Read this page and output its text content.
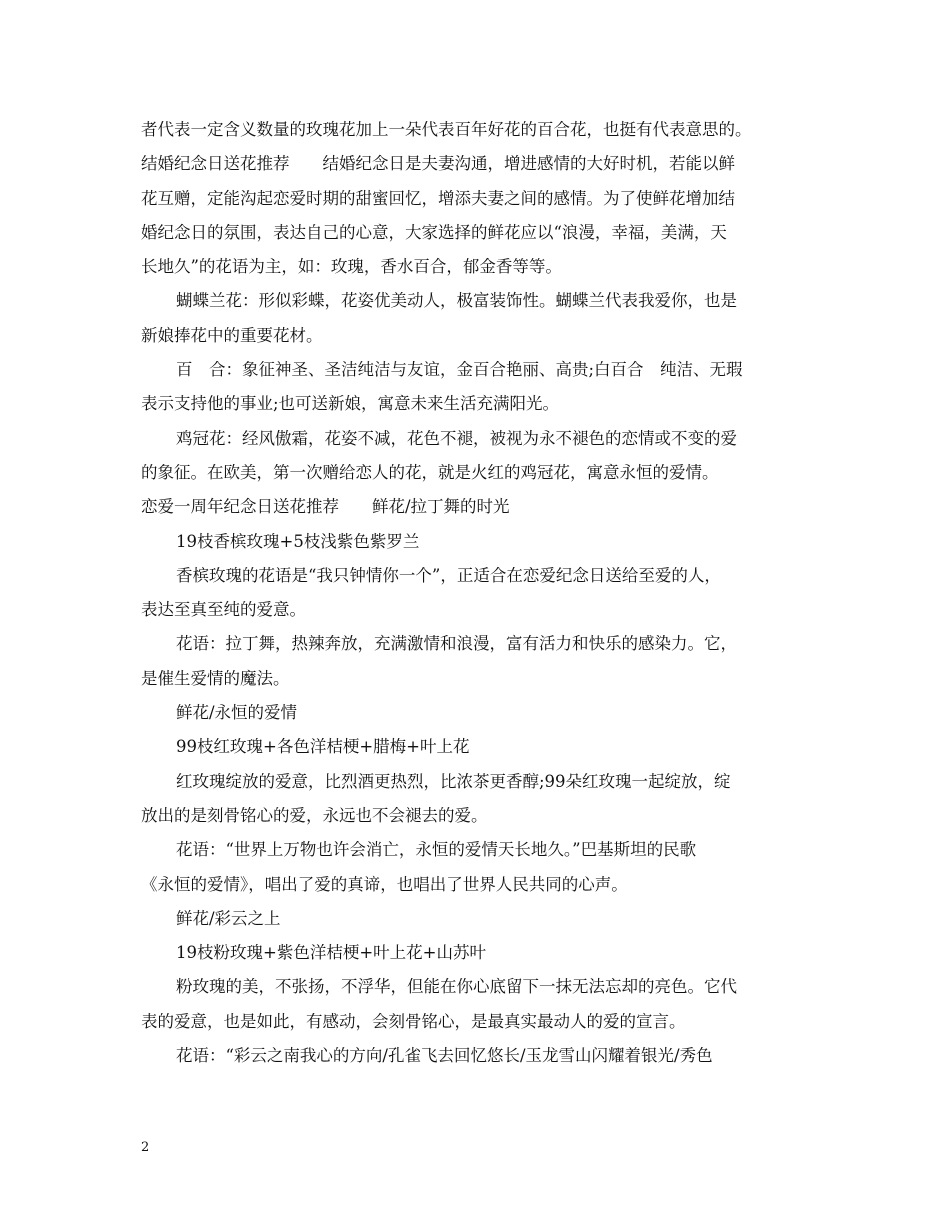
者代表一定含义数量的玫瑰花加上一朵代表百年好花的百合花，也挺有代表意思的。
结婚纪念日送花推荐　　结婚纪念日是夫妻沟通，增进感情的大好时机，若能以鲜
花互赠，定能沟起恋爱时期的甜蜜回忆，增添夫妻之间的感情。为了使鲜花增加结
婚纪念日的氛围，表达自己的心意，大家选择的鲜花应以“浪漫，幸福，美满，天
长地久”的花语为主，如：玫瑰，香水百合，郁金香等等。
蝴蝶兰花：形似彩蝶，花姿优美动人，极富装饰性。蝴蝶兰代表我爱你，也是
新娘捧花中的重要花材。
百　合：象征神圣、圣洁纯洁与友谊，金百合艳丽、高贵;白百合　纯洁、无瑕
表示支持他的事业;也可送新娘，寓意未来生活充满阳光。
鸡冠花：经风傲霜，花姿不减，花色不褪，被视为永不褪色的恋情或不变的爱
的象征。在欧美，第一次赠给恋人的花，就是火红的鸡冠花，寓意永恒的爱情。
恋爱一周年纪念日送花推荐　　鲜花/拉丁舞的时光
19枝香槟玫瑰+5枝浅紫色紫罗兰
香槟玫瑰的花语是“我只钟情你一个”，正适合在恋爱纪念日送给至爱的人，
表达至真至纯的爱意。
花语：拉丁舞，热辣奔放，充满激情和浪漫，富有活力和快乐的感染力。它，
是催生爱情的魔法。
鲜花/永恒的爱情
99枝红玫瑰+各色洋桔梗+腊梅+叶上花
红玫瑰绽放的爱意，比烈酒更热烈，比浓茶更香醇;99朵红玫瑰一起绽放，绽
放出的是刻骨铭心的爱，永远也不会褪去的爱。
花语：“世界上万物也许会消亡，永恒的爱情天长地久。”巴基斯坦的民歌
《永恒的爱情》，唱出了爱的真谛，也唱出了世界人民共同的心声。
鲜花/彩云之上
19枝粉玫瑰+紫色洋桔梗+叶上花+山苏叶
粉玫瑰的美，不张扬，不浮华，但能在你心底留下一抹无法忘却的亮色。它代
表的爱意，也是如此，有感动，会刻骨铭心，是最真实最动人的爱的宣言。
花语：“彩云之南我心的方向/孔雀飞去回忆悠长/玉龙雪山闪耀着银光/秀色
2
